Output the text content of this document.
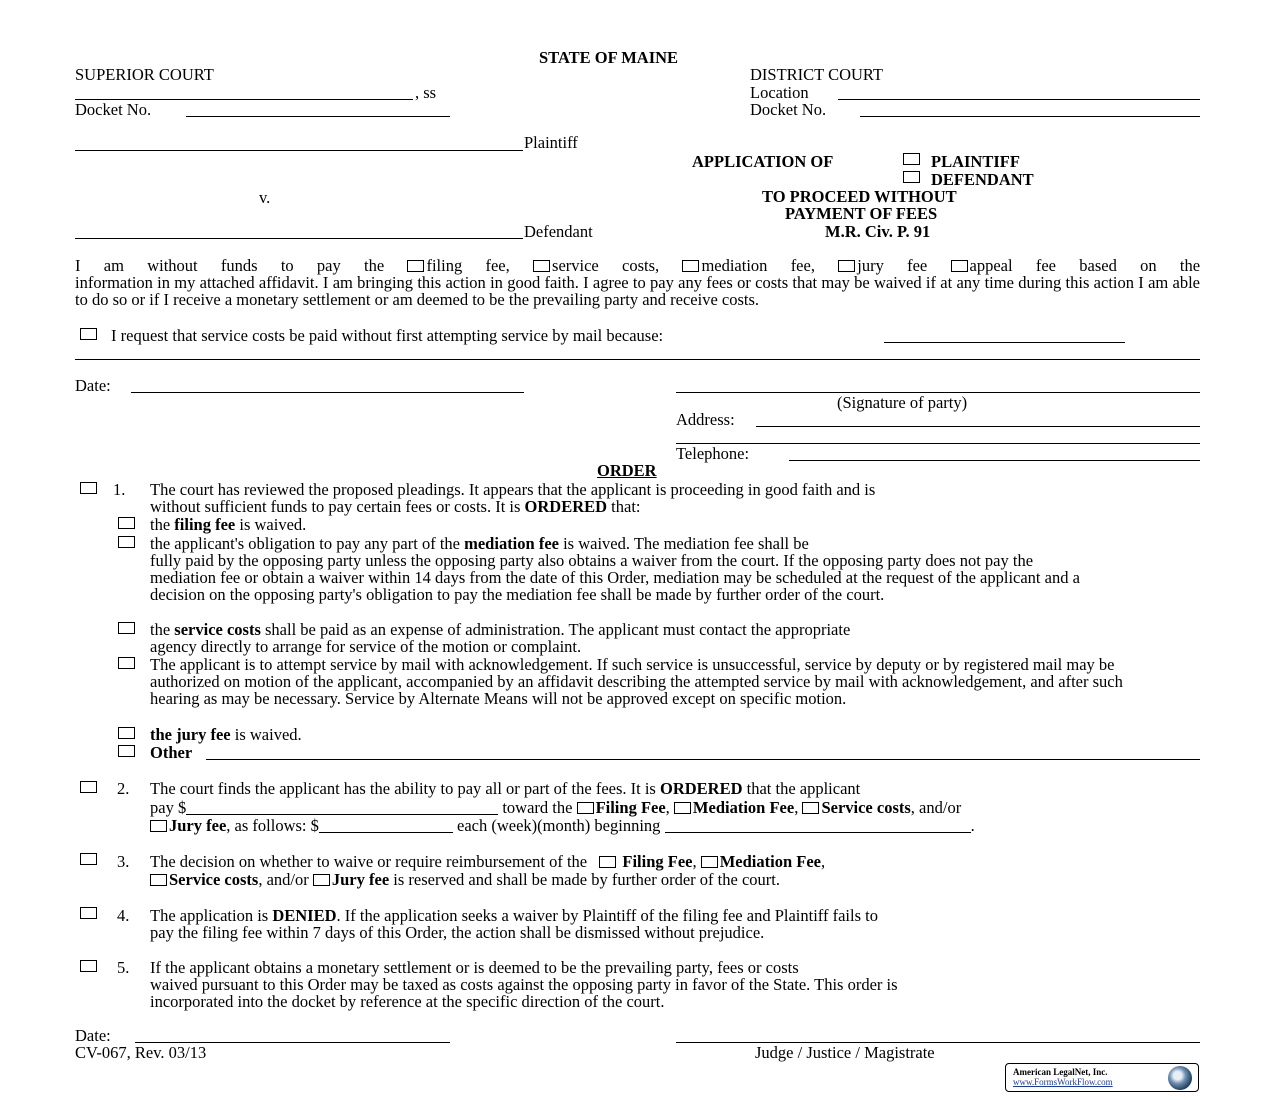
STATE OF MAINE
SUPERIOR COURT
, ss
Docket No.
DISTRICT COURT
Location
Docket No.
Plaintiff
v.
Defendant
APPLICATION OF	PLAINTIFF
DEFENDANT
TO PROCEED WITHOUT
PAYMENT OF FEES
M.R. Civ. P. 91
I am without funds to pay the	filing fee,	service costs,	mediation fee,	jury fee	appeal fee based on the
information in my attached affidavit. I am bringing this action in good faith. I agree to pay any fees or costs that may be waived if at any time during this action I am able to do so or if I receive a monetary settlement or am deemed to be the prevailing party and receive costs.
I request that service costs be paid without first attempting service by mail because:
Date:
(Signature of party)
Address:
Telephone:
ORDER
1. The court has reviewed the proposed pleadings. It appears that the applicant is proceeding in good faith and is
without sufficient funds to pay certain fees or costs. It is ORDERED that:
the filing fee is waived.
the applicant's obligation to pay any part of the mediation fee is waived. The mediation fee shall be
fully paid by the opposing party unless the opposing party also obtains a waiver from the court. If the opposing party does not pay the mediation fee or obtain a waiver within 14 days from the date of this Order, mediation may be scheduled at the request of the applicant and a decision on the opposing party's obligation to pay the mediation fee shall be made by further order of the court.
the service costs shall be paid as an expense of administration. The applicant must contact the appropriate
agency directly to arrange for service of the motion or complaint.
The applicant is to attempt service by mail with acknowledgement. If such service is unsuccessful, service by deputy or by registered mail may be authorized on motion of the applicant, accompanied by an affidavit describing the attempted service by mail with acknowledgement, and after such hearing as may be necessary. Service by Alternate Means will not be approved except on specific motion.
the jury fee is waived.
Other
2. The court finds the applicant has the ability to pay all or part of the fees. It is ORDERED that the applicant
pay $	toward the Filing Fee, Mediation Fee, Service costs, and/or
Jury fee, as follows: $	each (week)(month) beginning	.
3. The decision on whether to waive or require reimbursement of the Filing Fee, Mediation Fee,
Service costs, and/or Jury fee is reserved and shall be made by further order of the court.
4. The application is DENIED. If the application seeks a waiver by Plaintiff of the filing fee and Plaintiff fails to
pay the filing fee within 7 days of this Order, the action shall be dismissed without prejudice.
5. If the applicant obtains a monetary settlement or is deemed to be the prevailing party, fees or costs
waived pursuant to this Order may be taxed as costs against the opposing party in favor of the State. This order is
incorporated into the docket by reference at the specific direction of the court.
Date:
CV-067, Rev. 03/13	Judge / Justice / Magistrate
American LegalNet, Inc.
www.FormsWorkFlow.com
